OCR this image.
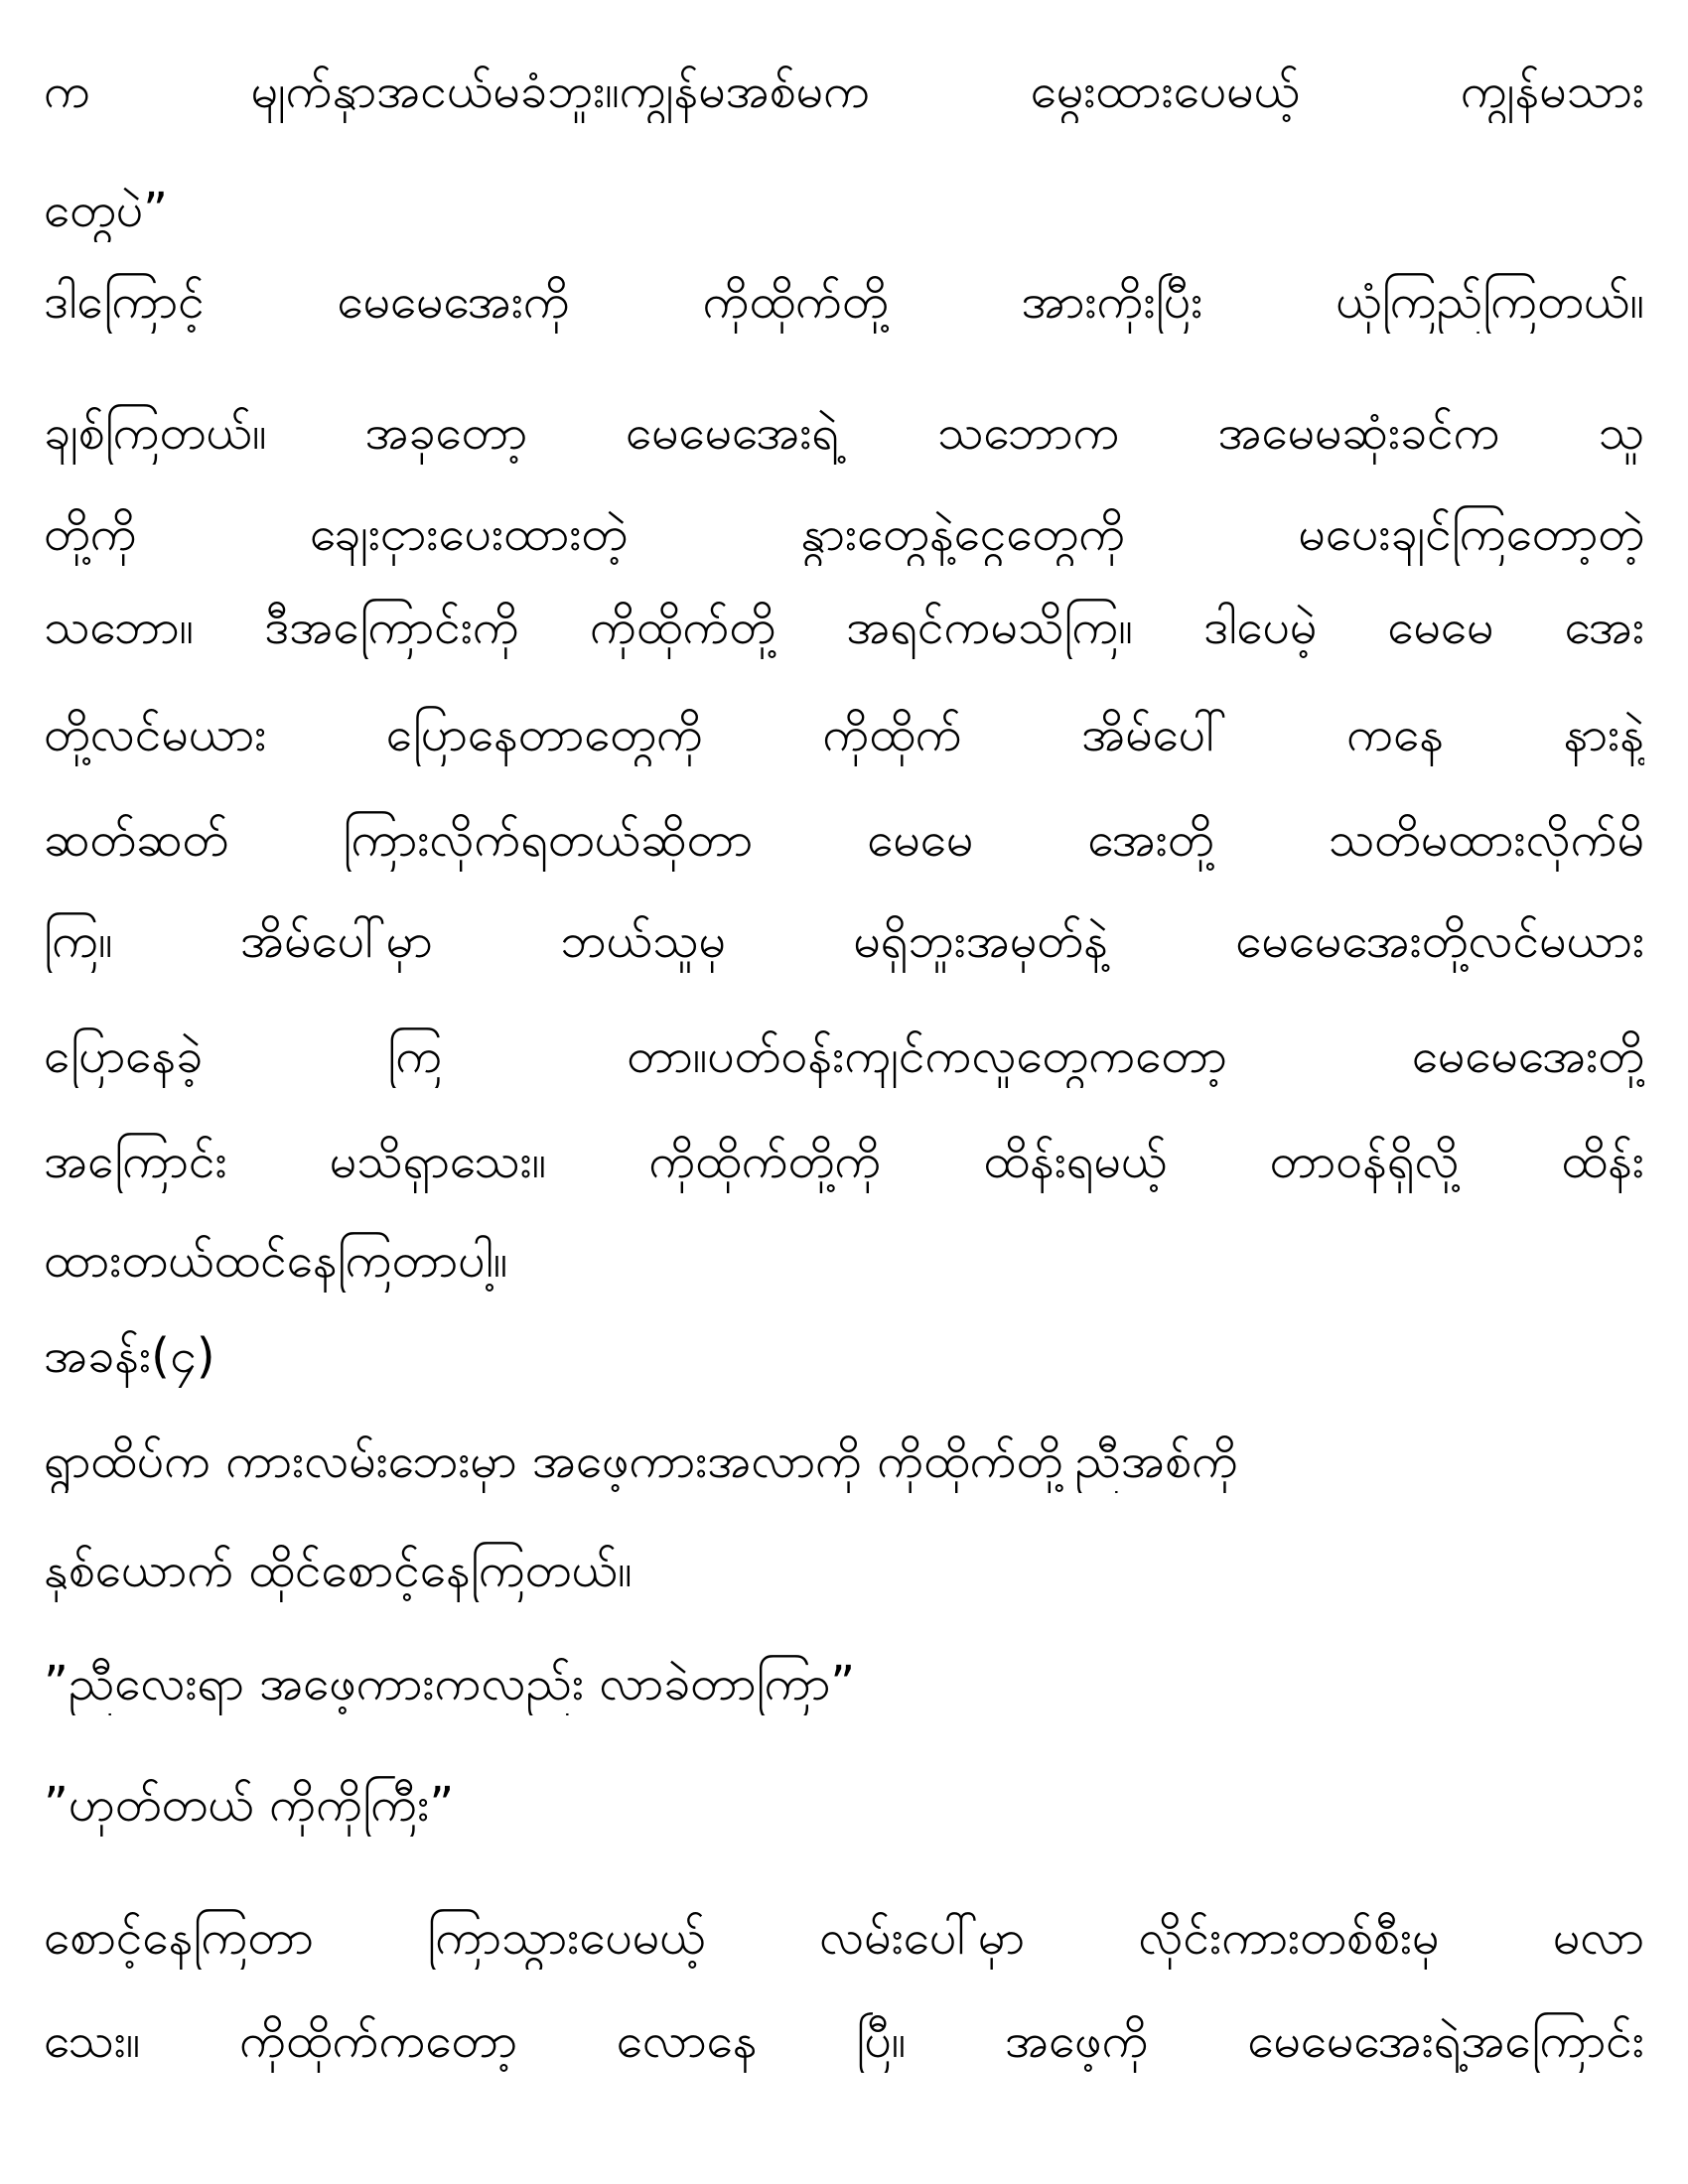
က မျက်နှာအငယ်မခံဘူး။ကျွန်မအစ်မက မွေးထားပေမယ့် ကျွန်မသား
တွေပဲ”
ဒါကြောင့် မေမေအေးကို ကိုထိုက်တို့ အားကိုးပြီး ယုံကြည်ကြတယ်။
ချစ်ကြတယ်။ အခုတော့ မေမေအေးရဲ့ သဘောက အမေမဆုံးခင်က သူ
တို့ကို ချေးငှားပေးထားတဲ့ နွားတွေနဲ့ငွေတွေကို မပေးချင်ကြတော့တဲ့
သဘော။ ဒီအကြောင်းကို ကိုထိုက်တို့ အရင်ကမသိကြ။ ဒါပေမဲ့ မေမေ အေး
တို့လင်မယား ပြောနေတာတွေကို ကိုထိုက် အိမ်ပေါ် ကနေ နားနဲ့
ဆတ်ဆတ် ကြားလိုက်ရတယ်ဆိုတာ မေမေ အေးတို့ သတိမထားလိုက်မိ
ကြ။ အိမ်ပေါ်မှာ ဘယ်သူမှ မရှိဘူးအမှတ်နဲ့ မေမေအေးတို့လင်မယား
ပြောနေခဲ့ ကြ တာ။ပတ်ဝန်းကျင်ကလူတွေကတော့ မေမေအေးတို့
အကြောင်း မသိရှာသေး။ ကိုထိုက်တို့ကို ထိန်းရမယ့် တာဝန်ရှိလို့ ထိန်း
ထားတယ်ထင်နေကြတာပါ့။
အခန်း(၄)
ရွာထိပ်က ကားလမ်းဘေးမှာ အဖေ့ကားအလာကို ကိုထိုက်တို့ညီအစ်ကို
နှစ်ယောက် ထိုင်စောင့်နေကြတယ်။
”ညီလေးရာ အဖေ့ကားကလည်း လာခဲတာကြာ”
”ဟုတ်တယ် ကိုကိုကြီး”
စောင့်နေကြတာ ကြာသွားပေမယ့် လမ်းပေါ်မှာ လိုင်းကားတစ်စီးမှ မလာ
သေး။ ကိုထိုက်ကတော့ လောနေ ပြီ။ အဖေ့ကို မေမေအေးရဲ့အကြောင်း
